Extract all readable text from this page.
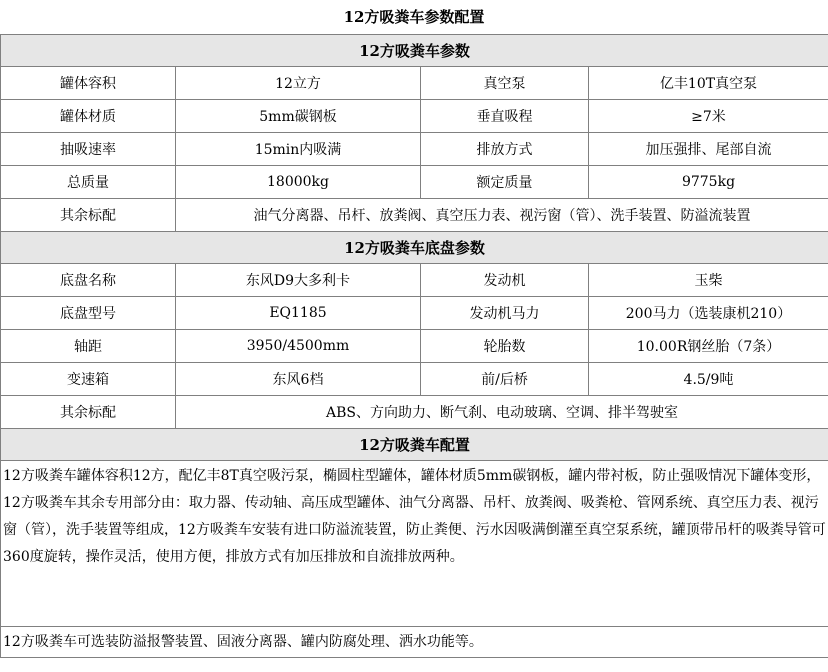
12方吸粪车参数配置
12方吸粪车参数			
罐体容积	12立方	真空泵	亿丰10T真空泵
罐体材质	5mm碳钢板	垂直吸程	≥7米
抽吸速率	15min内吸满	排放方式	加压强排、尾部自流
总质量	18000kg	额定质量	9775kg
其余标配	油气分离器、吊杆、放粪阀、真空压力表、视污窗（管）、洗手装置、防溢流装置		
12方吸粪车底盘参数			
底盘名称	东风D9大多利卡	发动机	玉柴
底盘型号	EQ1185	发动机马力	200马力（选装康机210）
轴距	3950/4500mm	轮胎数	10.00R钢丝胎（7条）
变速箱	东风6档	前/后桥	4.5/9吨
其余标配	ABS、方向助力、断气刹、电动玻璃、空调、排半驾驶室		
12方吸粪车配置			
12方吸粪车罐体容积12方，配亿丰8T真空吸污泵，椭圆柱型罐体，罐体材质5mm碳钢板，罐内带衬板，防止强吸情况下罐体变形，12方吸粪车其余专用部分由：取力器、传动轴、高压成型罐体、油气分离器、吊杆、放粪阀、吸粪枪、管网系统、真空压力表、视污窗（管），洗手装置等组成，12方吸粪车安装有进口防溢流装置，防止粪便、污水因吸满倒灌至真空泵系统，罐顶带吊杆的吸粪导管可360度旋转，操作灵活，使用方便，排放方式有加压排放和自流排放两种。			
12方吸粪车可选装防溢报警装置、固液分离器、罐内防腐处理、洒水功能等。			
